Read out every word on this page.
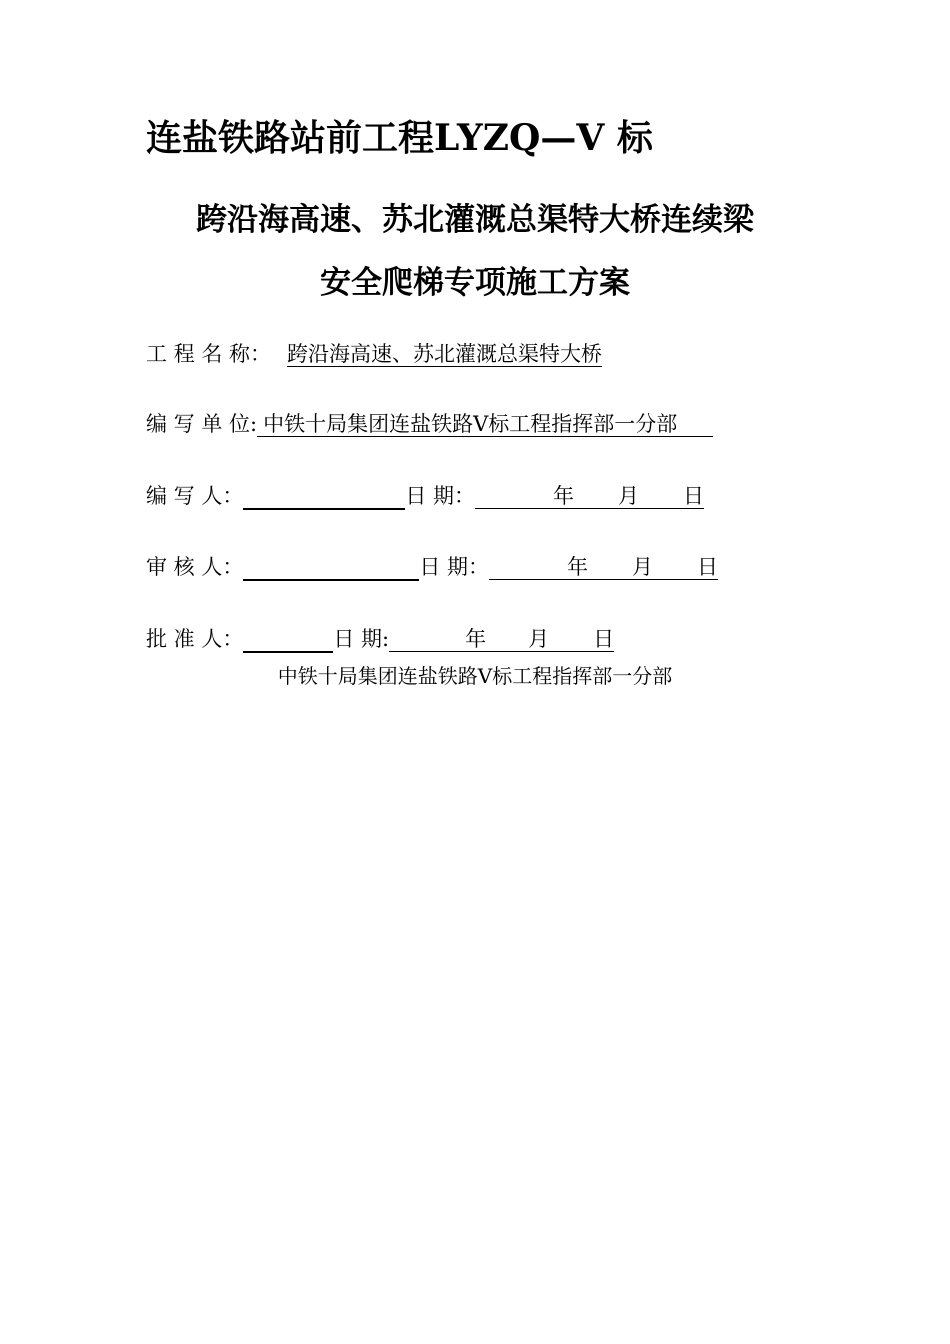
连盐铁路站前工程LYZQ—Ⅴ 标
跨沿海高速、苏北灌溉总渠特大桥连续梁
安全爬梯专项施工方案
工 程 名 称： 跨沿海高速、苏北灌溉总渠特大桥
编 写 单 位: 中铁十局集团连盐铁路Ⅴ标工程指挥部一分部
编 写 人：	日 期：	年 月 日
审 核 人：	日 期：	年 月 日
批 准 人：	日 期:	年 月 日
中铁十局集团连盐铁路Ⅴ标工程指挥部一分部
